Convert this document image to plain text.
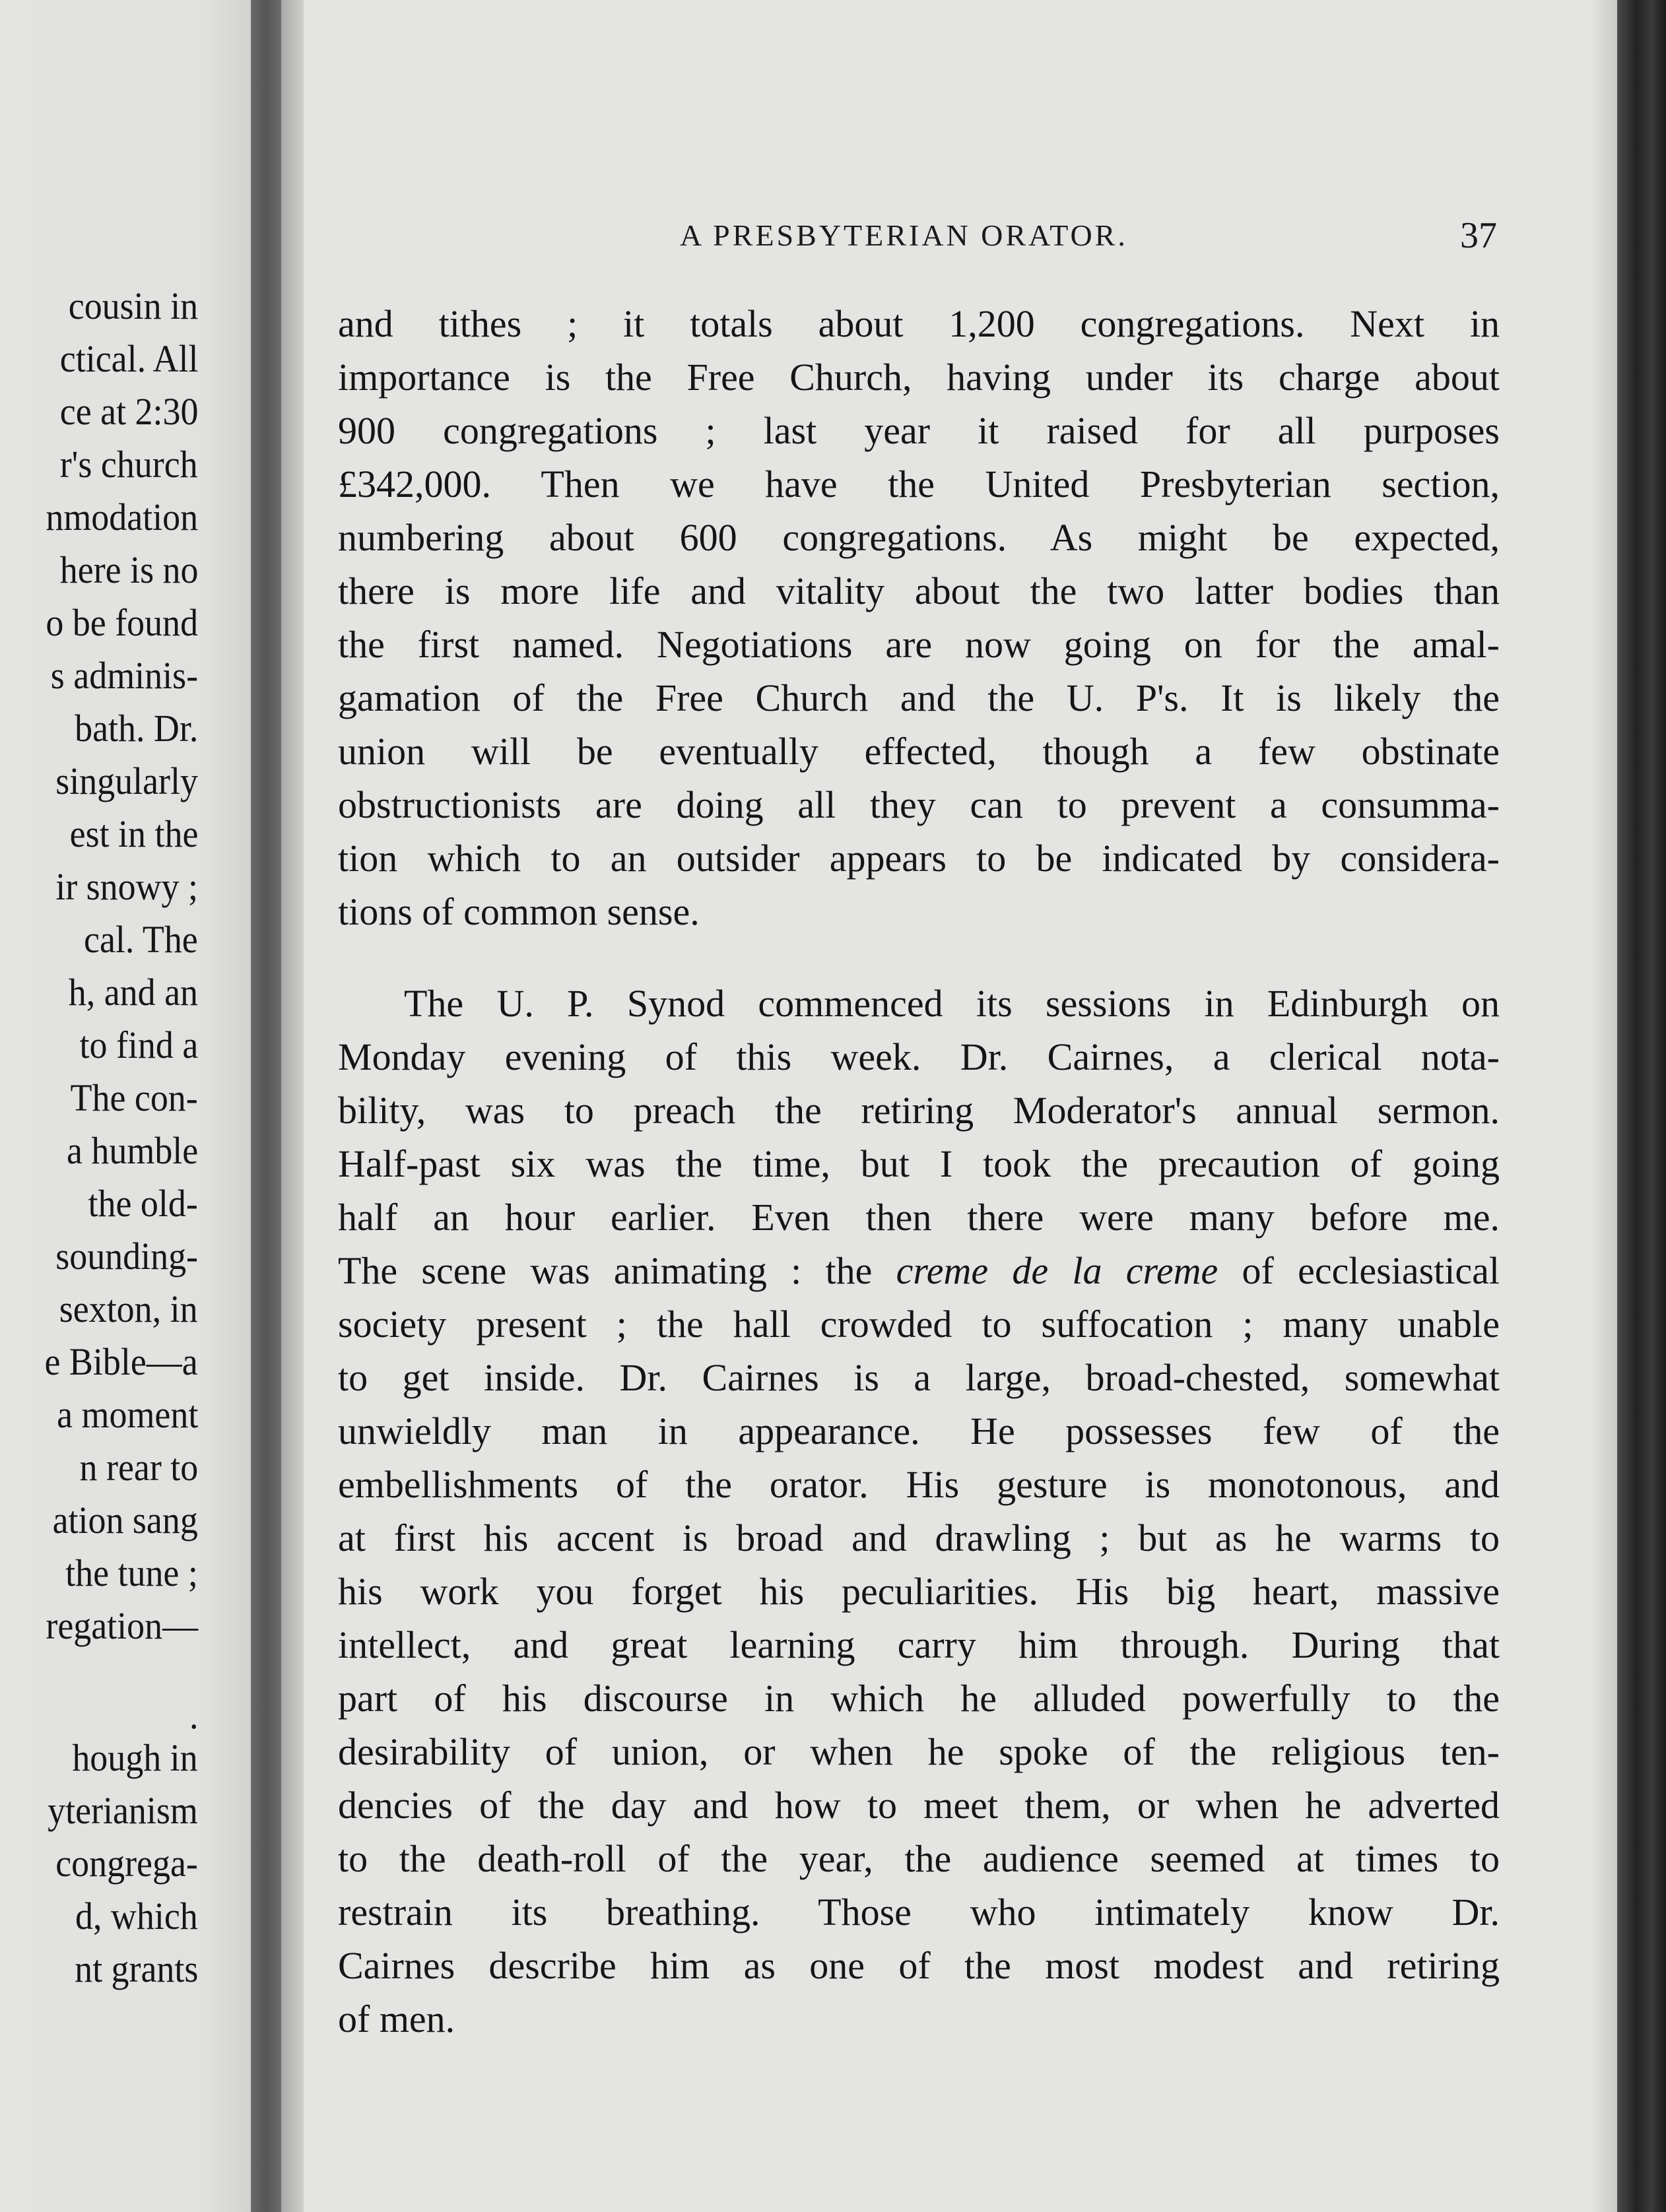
cousin in
ctical. All
ce at 2:30
r's church
nmodation
here is no
o be found
s adminis-
bath. Dr.
singularly
est in the
ir snowy ;
cal. The
h, and an
to find a
The con-
a humble
the old-
sounding-
sexton, in
e Bible—a
a moment
n rear to
ation sang
the tune ;
regation—
.
hough in
yterianism
congrega-
d, which
nt grants
A PRESBYTERIAN ORATOR.	37
and tithes ; it totals about 1,200 congregations. Next in
importance is the Free Church, having under its charge about
900 congregations ; last year it raised for all purposes
£342,000. Then we have the United Presbyterian section,
numbering about 600 congregations. As might be expected,
there is more life and vitality about the two latter bodies than
the first named. Negotiations are now going on for the amal-
gamation of the Free Church and the U. P's. It is likely the
union will be eventually effected, though a few obstinate
obstructionists are doing all they can to prevent a consumma-
tion which to an outsider appears to be indicated by considera-
tions of common sense.
The U. P. Synod commenced its sessions in Edinburgh on
Monday evening of this week. Dr. Cairnes, a clerical nota-
bility, was to preach the retiring Moderator's annual sermon.
Half-past six was the time, but I took the precaution of going
half an hour earlier. Even then there were many before me.
The scene was animating : the creme de la creme of ecclesiastical
society present ; the hall crowded to suffocation ; many unable
to get inside. Dr. Cairnes is a large, broad-chested, somewhat
unwieldly man in appearance. He possesses few of the
embellishments of the orator. His gesture is monotonous, and
at first his accent is broad and drawling ; but as he warms to
his work you forget his peculiarities. His big heart, massive
intellect, and great learning carry him through. During that
part of his discourse in which he alluded powerfully to the
desirability of union, or when he spoke of the religious ten-
dencies of the day and how to meet them, or when he adverted
to the death-roll of the year, the audience seemed at times to
restrain its breathing. Those who intimately know Dr.
Cairnes describe him as one of the most modest and retiring
of men.
